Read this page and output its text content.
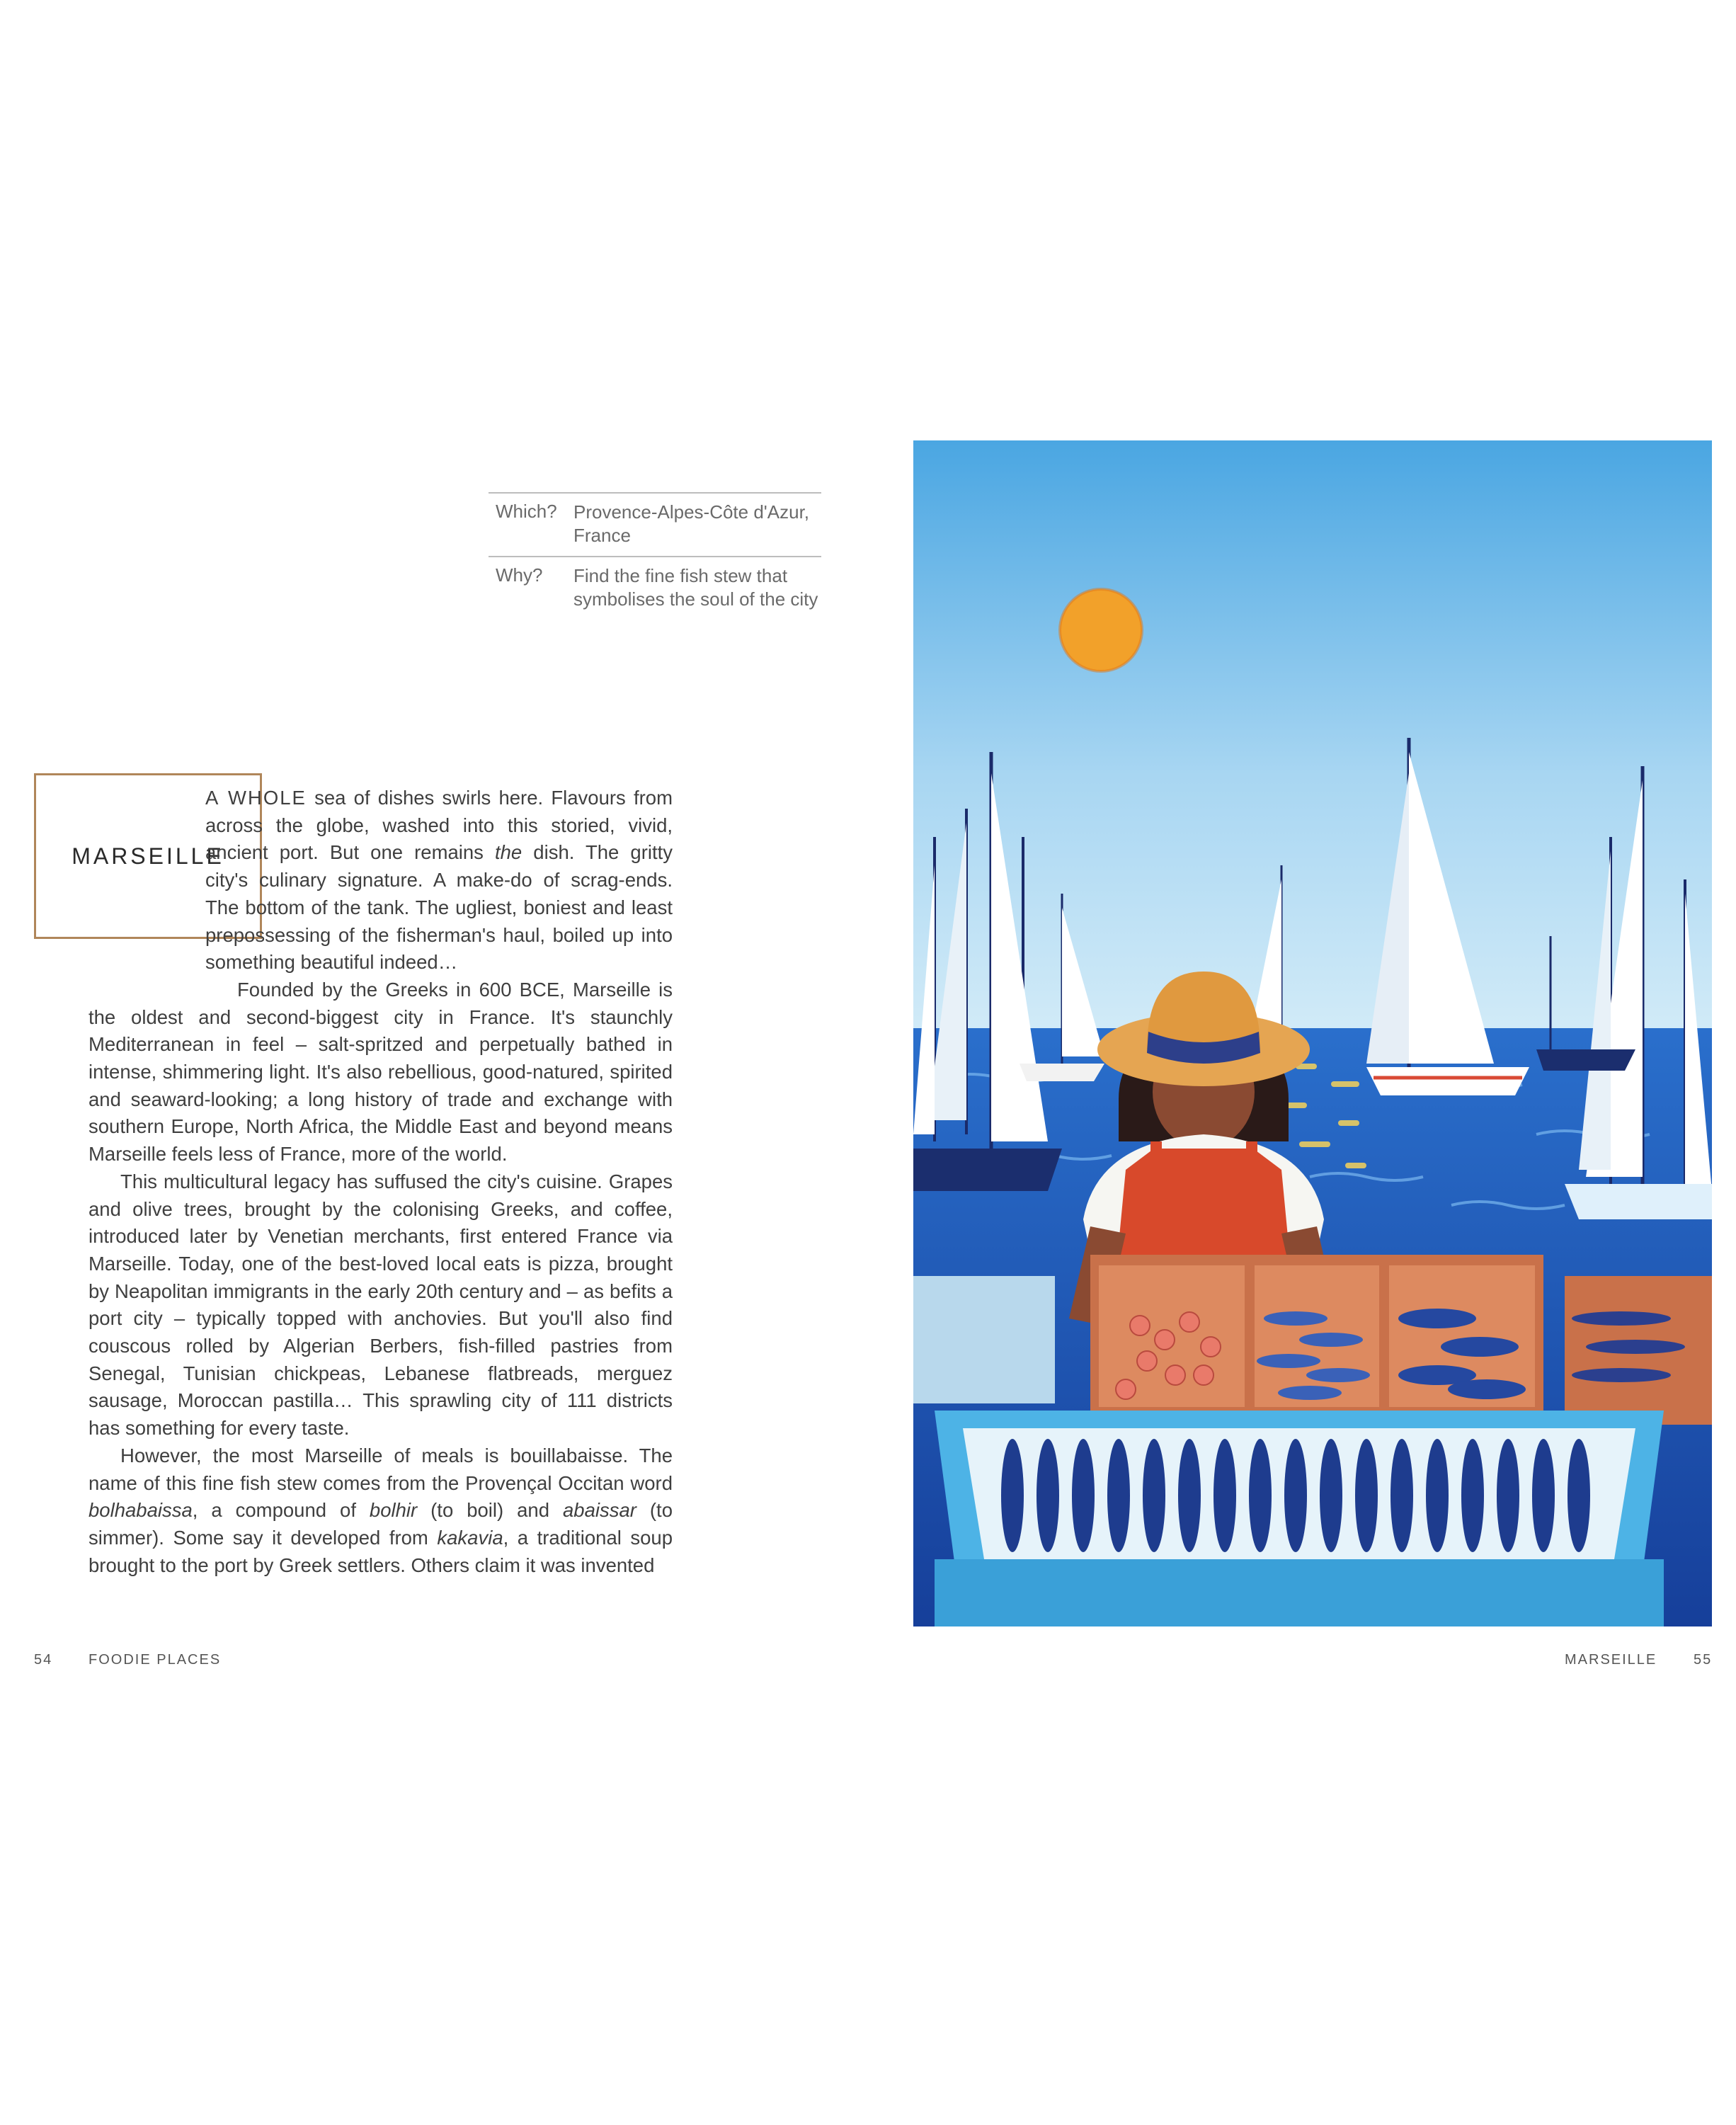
Which? Provence-Alpes-Côte d'Azur, France
Why?	Find the fine fish stew that symbolises the soul of the city
MARSEILLE

A WHOLE sea of dishes swirls here. Flavours from across the globe, washed into this storied, vivid, ancient port. But one remains the dish. The gritty city's culinary signature. A make-do of scrag-ends. The bottom of the tank. The ugliest, boniest and least prepossessing of the fisherman's haul, boiled up into something beautiful indeed…

Founded by the Greeks in 600 BCE, Marseille is the oldest and second-biggest city in France. It's staunchly Mediterranean in feel – salt-spritzed and perpetually bathed in intense, shimmering light. It's also rebellious, good-natured, spirited and seaward-looking; a long history of trade and exchange with southern Europe, North Africa, the Middle East and beyond means Marseille feels less of France, more of the world.

This multicultural legacy has suffused the city's cuisine. Grapes and olive trees, brought by the colonising Greeks, and coffee, introduced later by Venetian merchants, first entered France via Marseille. Today, one of the best-loved local eats is pizza, brought by Neapolitan immigrants in the early 20th century and – as befits a port city – typically topped with anchovies. But you'll also find couscous rolled by Algerian Berbers, fish-filled pastries from Senegal, Tunisian chickpeas, Lebanese flatbreads, merguez sausage, Moroccan pastilla… This sprawling city of 111 districts has something for every taste.

However, the most Marseille of meals is bouillabaisse. The name of this fine fish stew comes from the Provençal Occitan word bolhabaissa, a compound of bolhir (to boil) and abaissar (to simmer). Some say it developed from kakavia, a traditional soup brought to the port by Greek settlers. Others claim it was invented

54	FOODIE PLACES	MARSEILLE	55
